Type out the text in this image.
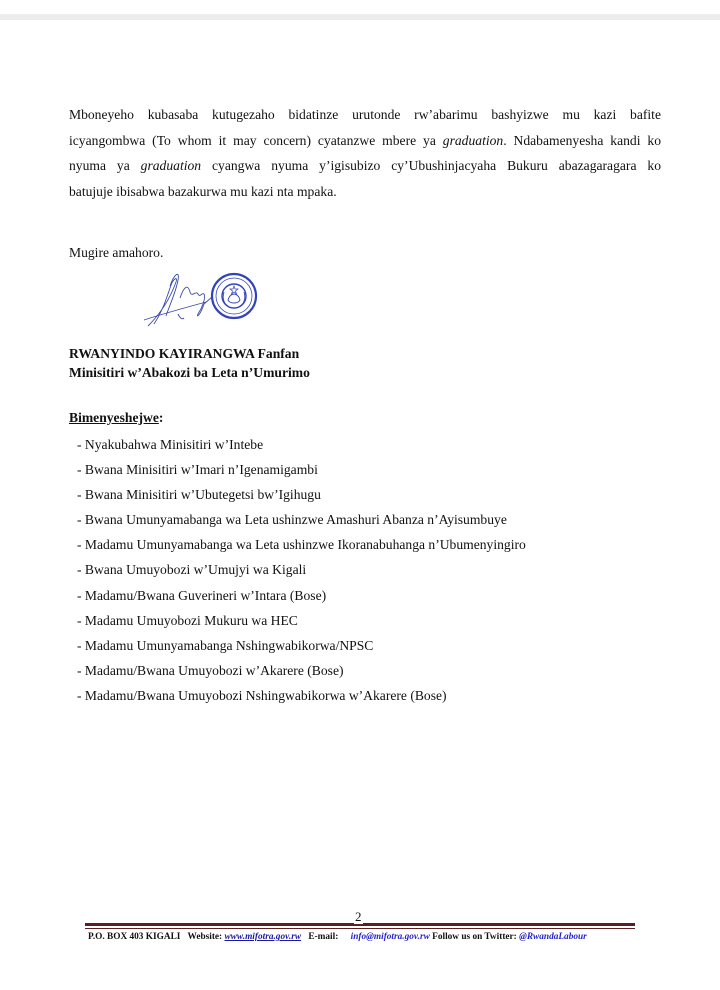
Mboneyeho kubasaba kutugezaho bidatinze urutonde rw’abarimu bashyizwe mu kazi bafite
icyangombwa (To whom it may concern) cyatanzwe mbere ya graduation. Ndabamenyesha kandi ko
nyuma ya graduation cyangwa nyuma y’igisubizo cy’Ubushinjacyaha Bukuru abazagaragara ko
batujuje ibisabwa bazakurwa mu kazi nta mpaka.
Mugire amahoro.
RWANYINDO KAYIRANGWA Fanfan
Minisitiri w’Abakozi ba Leta n’Umurimo
Bimenyeshejwe:
- Nyakubahwa Minisitiri w’Intebe
- Bwana Minisitiri w’Imari n’Igenamigambi
- Bwana Minisitiri w’Ubutegetsi bw’Igihugu
- Bwana Umunyamabanga wa Leta ushinzwe Amashuri Abanza n’Ayisumbuye
- Madamu Umunyamabanga wa Leta ushinzwe Ikoranabuhanga n’Ubumenyingiro
- Bwana Umuyobozi w’Umujyi wa Kigali
- Madamu/Bwana Guverineri w’Intara (Bose)
- Madamu Umuyobozi Mukuru wa HEC
- Madamu Umunyamabanga Nshingwabikorwa/NPSC
- Madamu/Bwana Umuyobozi w’Akarere (Bose)
- Madamu/Bwana Umuyobozi Nshingwabikorwa w’Akarere (Bose)
2
P.O. BOX 403 KIGALI Website: www.mifotra.gov.rw E-mail: info@mifotra.gov.rw Follow us on Twitter: @RwandaLabour
